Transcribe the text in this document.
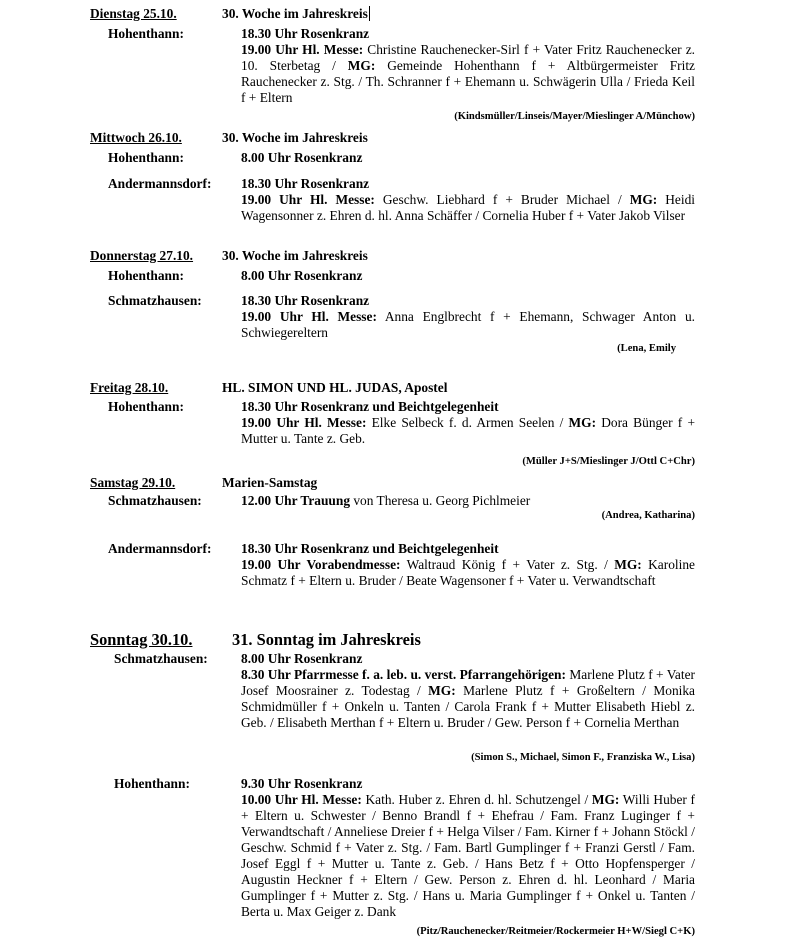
Dienstag 25.10.	30. Woche im Jahreskreis
Hohenthann:	18.30 Uhr Rosenkranz

19.00 Uhr Hl. Messe: Christine Rauchenecker-Sirl f + Vater Fritz Rauchenecker z. 10. Sterbetag / MG: Gemeinde Hohenthann f + Altbürgermeister Fritz Rauchenecker z. Stg. / Th. Schranner f + Ehemann u. Schwägerin Ulla / Frieda Keil f + Eltern

(Kindsmüller/Linseis/Mayer/Mieslinger A/Münchow)
Mittwoch 26.10.	30. Woche im Jahreskreis
Hohenthann:	8.00 Uhr Rosenkranz

Andermannsdorf: 18.30 Uhr Rosenkranz

19.00 Uhr Hl. Messe: Geschw. Liebhard f + Bruder Michael / MG: Heidi Wagensonner z. Ehren d. hl. Anna Schäffer / Cornelia Huber f + Vater Jakob Vilser

Donnerstag 27.10. 30. Woche im Jahreskreis
Hohenthann:	8.00 Uhr Rosenkranz

Schmatzhausen:	18.30 Uhr Rosenkranz

19.00 Uhr Hl. Messe: Anna Englbrecht f + Ehemann, Schwager Anton u. Schwiegereltern

(Lena, Emily
Freitag 28.10.	HL. SIMON UND HL. JUDAS, Apostel
Hohenthann:	18.30 Uhr Rosenkranz und Beichtgelegenheit

19.00 Uhr Hl. Messe: Elke Selbeck f. d. Armen Seelen / MG: Dora Bünger f + Mutter u. Tante z. Geb.

(Müller J+S/Mieslinger J/Ottl C+Chr)
Samstag 29.10.	Marien-Samstag
Schmatzhausen:	12.00 Uhr Trauung von Theresa u. Georg Pichlmeier

(Andrea, Katharina)
Andermannsdorf: 18.30 Uhr Rosenkranz und Beichtgelegenheit

19.00 Uhr Vorabendmesse: Waltraud König f + Vater z. Stg. / MG: Karoline Schmatz f + Eltern u. Bruder / Beate Wagensoner f + Vater u. Verwandtschaft

Sonntag 30.10. 31. Sonntag im Jahreskreis
Schmatzhausen: 8.00 Uhr Rosenkranz

8.30 Uhr Pfarrmesse f. a. leb. u. verst. Pfarrangehörigen: Marlene Plutz f + Vater Josef Moosrainer z. Todestag / MG: Marlene Plutz f + Großeltern / Monika Schmidmüller f + Onkeln u. Tanten / Carola Frank f + Mutter Elisabeth Hiebl z. Geb. / Elisabeth Merthan f + Eltern u. Bruder / Gew. Person f + Cornelia Merthan

(Simon S., Michael, Simon F., Franziska W., Lisa)
Hohenthann:	9.30 Uhr Rosenkranz

10.00 Uhr Hl. Messe: Kath. Huber z. Ehren d. hl. Schutzengel / MG: Willi Huber f + Eltern u. Schwester / Benno Brandl f + Ehefrau / Fam. Franz Luginger f + Verwandtschaft / Anneliese Dreier f + Helga Vilser / Fam. Kirner f + Johann Stöckl / Geschw. Schmid f + Vater z. Stg. / Fam. Bartl Gumplinger f + Franzi Gerstl / Fam. Josef Eggl f + Mutter u. Tante z. Geb. / Hans Betz f + Otto Hopfensperger / Augustin Heckner f + Eltern / Gew. Person z. Ehren d. hl. Leonhard / Maria Gumplinger f + Mutter z. Stg. / Hans u. Maria Gumplinger f + Onkel u. Tanten / Berta u. Max Geiger z. Dank

(Pitz/Rauchenecker/Reitmeier/Rockermeier H+W/Siegl C+K)
